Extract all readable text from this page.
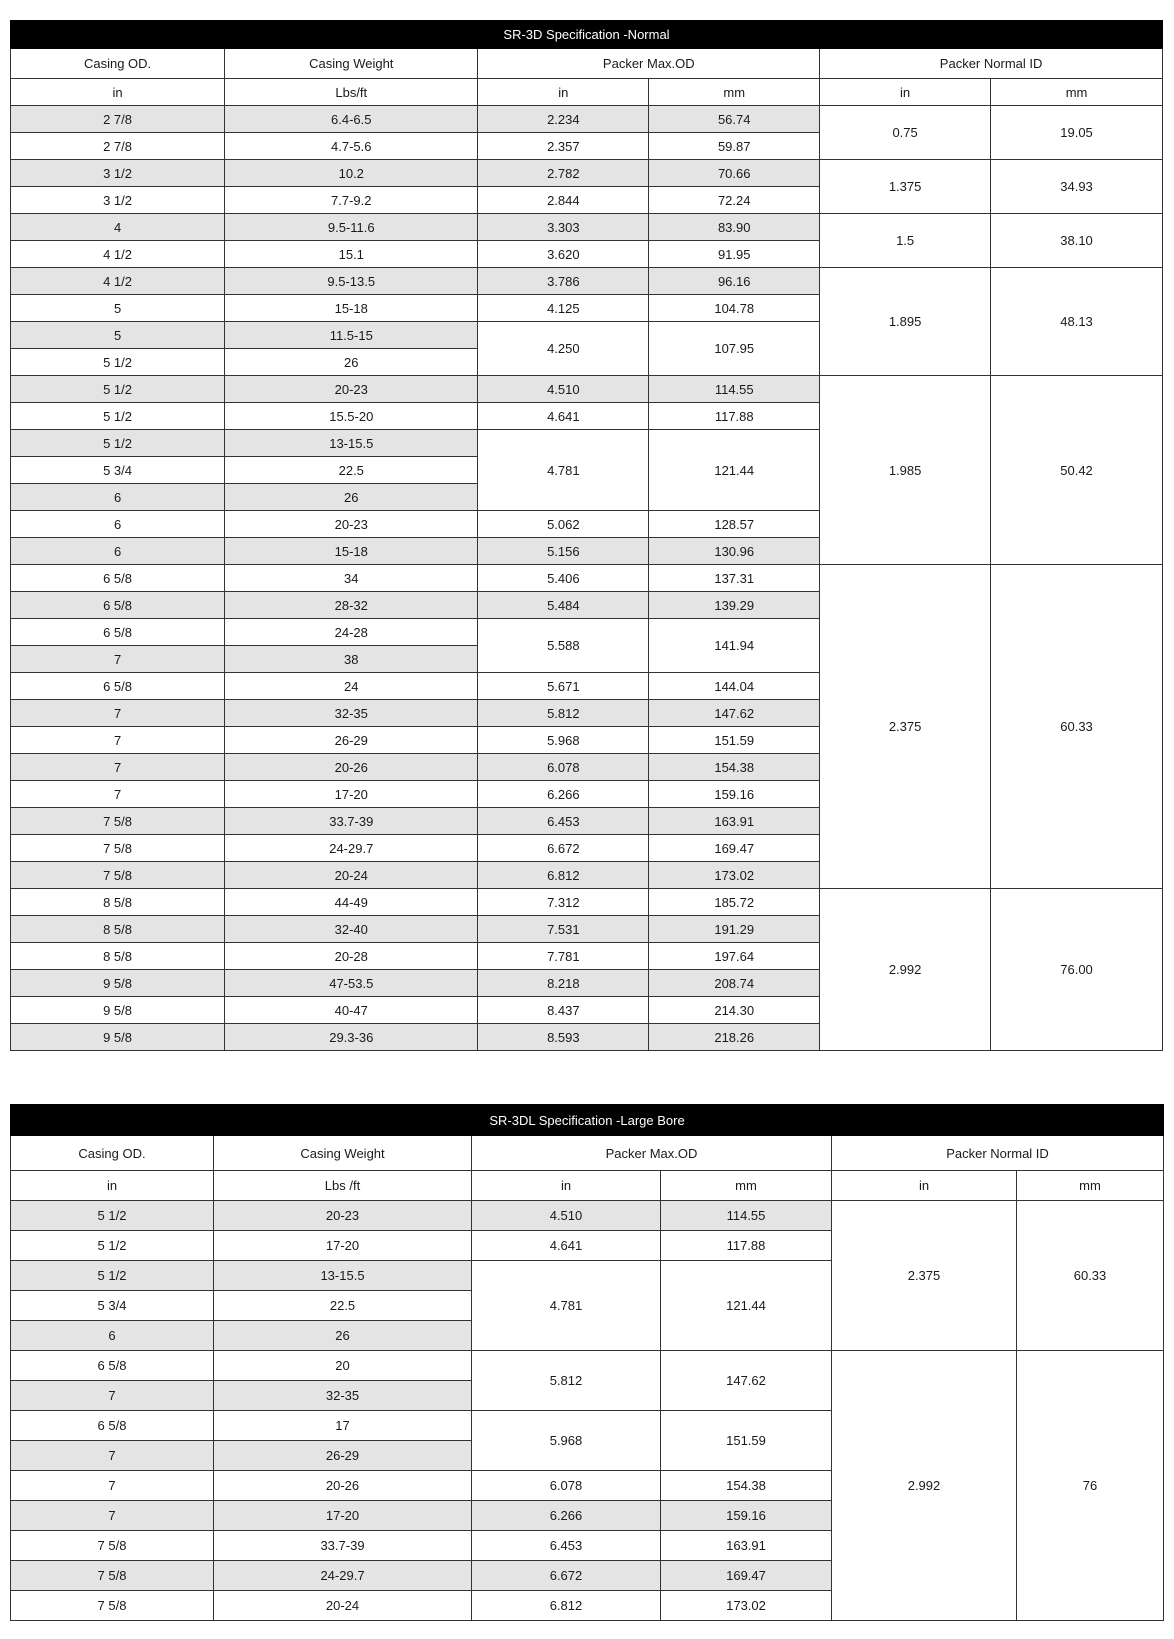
SR-3D Specification -Normal					
Casing OD.	Casing Weight	Packer Max.OD		Packer Normal ID	
in	Lbs/ft	in	mm	in	mm
2 7/8	6.4-6.5	2.234	56.74	0.75	19.05
2 7/8	4.7-5.6	2.357	59.87		
3 1/2	10.2	2.782	70.66	1.375	34.93
3 1/2	7.7-9.2	2.844	72.24		
4	9.5-11.6	3.303	83.90	1.5	38.10
4 1/2	15.1	3.620	91.95		
4 1/2	9.5-13.5	3.786	96.16	1.895	48.13
5	15-18	4.125	104.78		
5	11.5-15	4.250	107.95		
5 1/2	26				
5 1/2	20-23	4.510	114.55	1.985	50.42
5 1/2	15.5-20	4.641	117.88		
5 1/2	13-15.5	4.781	121.44		
5 3/4	22.5				
6	26				
6	20-23	5.062	128.57		
6	15-18	5.156	130.96		
6 5/8	34	5.406	137.31	2.375	60.33
6 5/8	28-32	5.484	139.29		
6 5/8	24-28	5.588	141.94		
7	38				
6 5/8	24	5.671	144.04		
7	32-35	5.812	147.62		
7	26-29	5.968	151.59		
7	20-26	6.078	154.38		
7	17-20	6.266	159.16		
7 5/8	33.7-39	6.453	163.91		
7 5/8	24-29.7	6.672	169.47		
7 5/8	20-24	6.812	173.02		
8 5/8	44-49	7.312	185.72	2.992	76.00
8 5/8	32-40	7.531	191.29		
8 5/8	20-28	7.781	197.64		
9 5/8	47-53.5	8.218	208.74		
9 5/8	40-47	8.437	214.30		
9 5/8	29.3-36	8.593	218.26		
SR-3DL Specification -Large Bore					
Casing OD.	Casing Weight	Packer Max.OD		Packer Normal ID	
in	Lbs /ft	in	mm	in	mm
5 1/2	20-23	4.510	114.55	2.375	60.33
5 1/2	17-20	4.641	117.88		
5 1/2	13-15.5	4.781	121.44		
5 3/4	22.5				
6	26				
6 5/8	20	5.812	147.62	2.992	76
7	32-35				
6 5/8	17	5.968	151.59		
7	26-29				
7	20-26	6.078	154.38		
7	17-20	6.266	159.16		
7 5/8	33.7-39	6.453	163.91		
7 5/8	24-29.7	6.672	169.47		
7 5/8	20-24	6.812	173.02		
